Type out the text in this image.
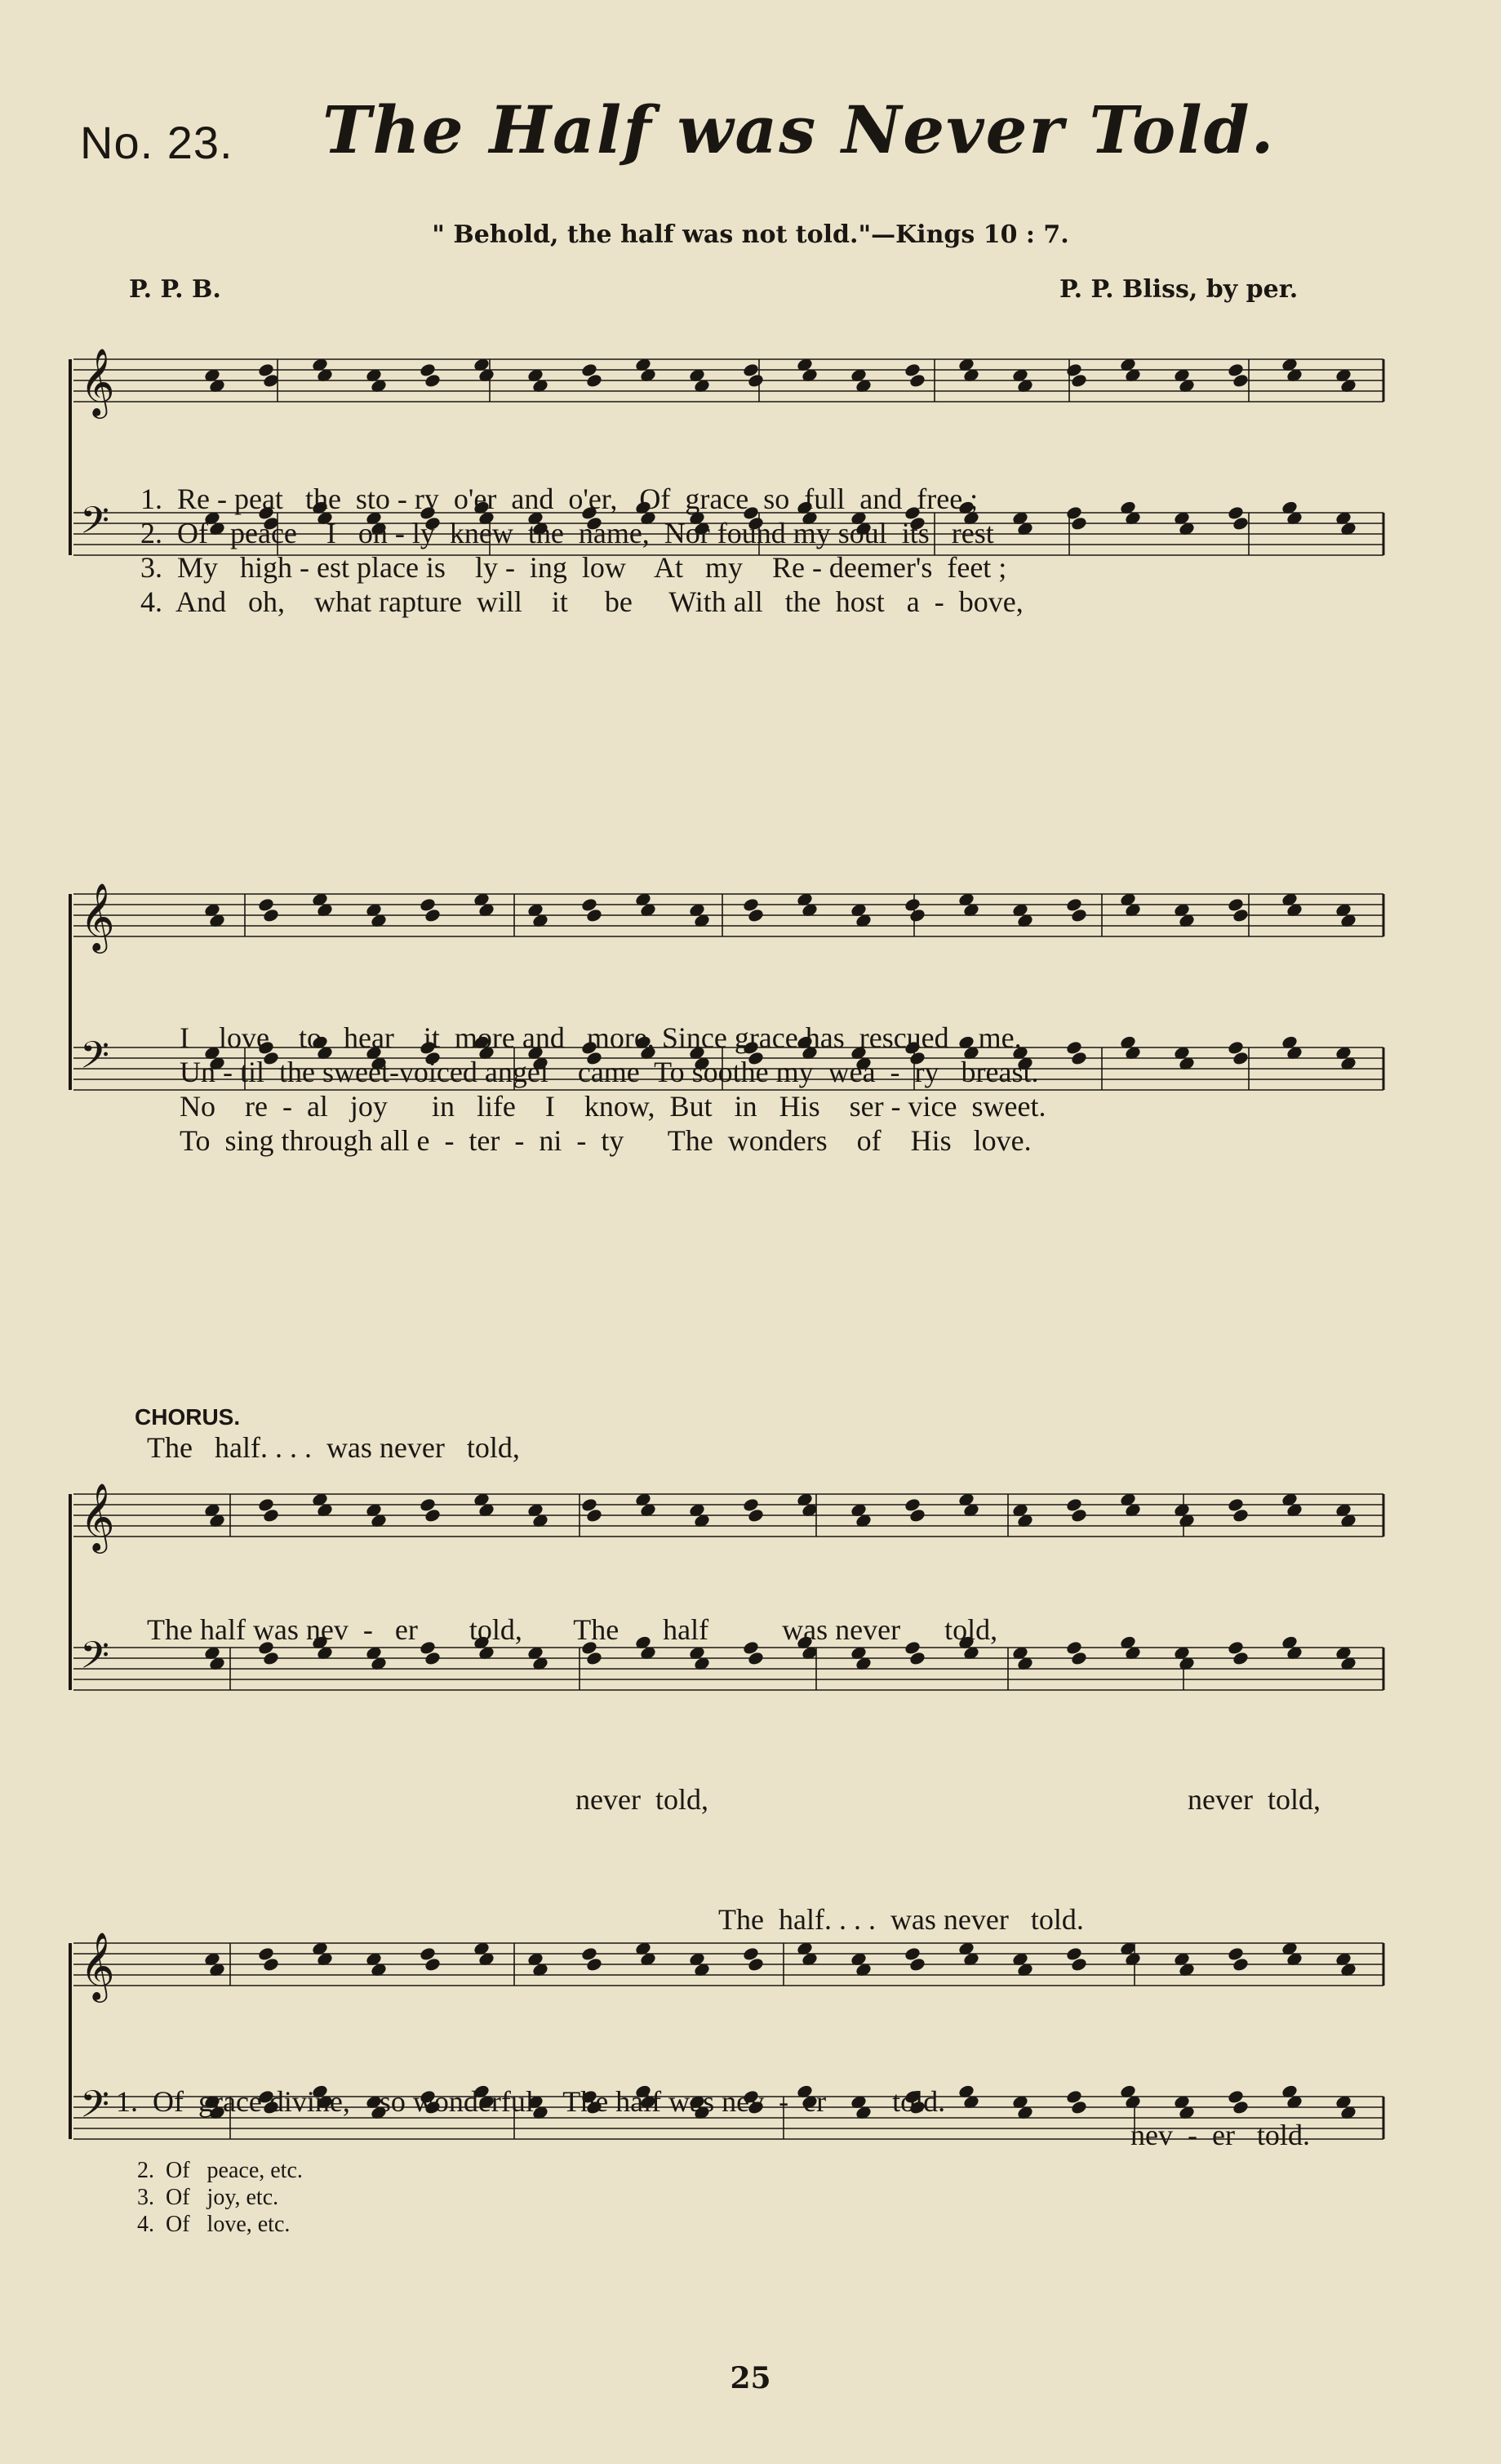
No. 23. The Half was Never Told.
" Behold, the half was not told."—Kings 10 : 7.
P. P. B.	P. P. Bliss, by per.
𝄞
𝄢
𝄞
𝄢
𝄞
𝄢
𝄞
𝄢
1.  Re - peat   the  sto - ry  o'er  and  o'er,   Of  grace  so  full  and  free ;
2.  Of   peace    I   on - ly  knew  the  name,  Nor found my soul  its   rest
3.  My   high - est place is    ly -  ing  low    At   my    Re - deemer's  feet ;
4.  And   oh,    what rapture  will    it     be     With all   the  host   a  -  bove,
I    love    to   hear    it  more and   more, Since grace has  rescued    me.
Un - til  the sweet-voiced angel    came  To soothe my  wea  -  ry   breast.
No    re  -  al   joy      in   life    I    know,  But   in   His    ser - vice  sweet.
To  sing through all e  -  ter  -  ni  -  ty      The  wonders    of    His   love.
CHORUS.
The   half. . . .  was never   told,
The half was nev  -   er       told,       The      half          was never      told,
never  told,	never  told,
The  half. . . .  was never   told.
1.  Of  grace divine,    so wonderful,   The half was nev  -  er         told.
nev  -  er   told.
2.  Of   peace, etc.
3.  Of   joy, etc.
4.  Of   love, etc.
25
